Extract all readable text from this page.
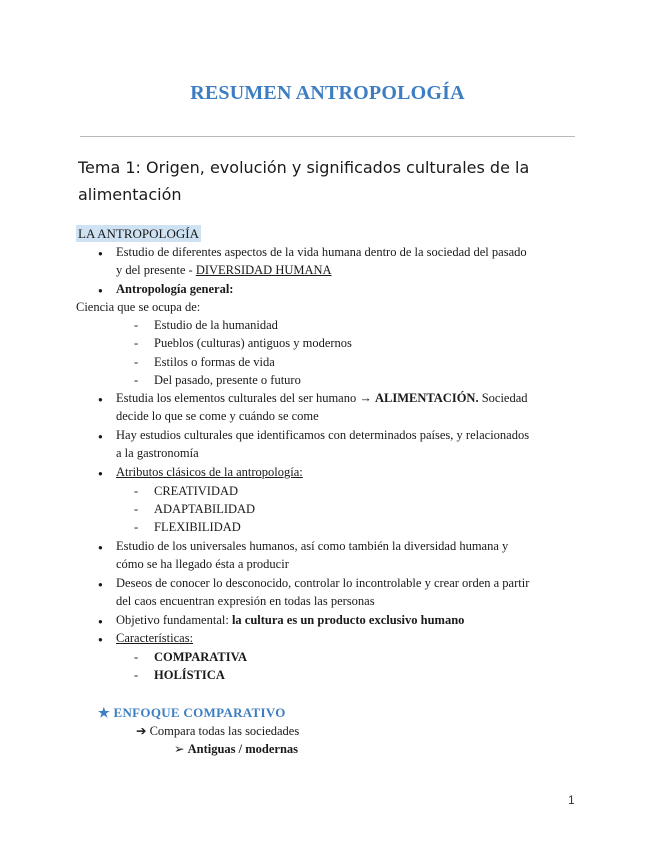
RESUMEN ANTROPOLOGÍA
Tema 1: Origen, evolución y significados culturales de la alimentación
LA ANTROPOLOGÍA
● Estudio de diferentes aspectos de la vida humana dentro de la sociedad del pasado
y del presente - DIVERSIDAD HUMANA
● Antropología general:
Ciencia que se ocupa de:
- Estudio de la humanidad
- Pueblos (culturas) antiguos y modernos
- Estilos o formas de vida
- Del pasado, presente o futuro
● Estudia los elementos culturales del ser humano → ALIMENTACIÓN. Sociedad
decide lo que se come y cuándo se come
● Hay estudios culturales que identificamos con determinados países, y relacionados
a la gastronomía
● Atributos clásicos de la antropología:
- CREATIVIDAD
- ADAPTABILIDAD
- FLEXIBILIDAD
● Estudio de los universales humanos, así como también la diversidad humana y
cómo se ha llegado ésta a producir
● Deseos de conocer lo desconocido, controlar lo incontrolable y crear orden a partir
del caos encuentran expresión en todas las personas
● Objetivo fundamental: la cultura es un producto exclusivo humano
● Características:
- COMPARATIVA
- HOLÍSTICA
★ ENFOQUE COMPARATIVO
➔ Compara todas las sociedades
➢ Antiguas / modernas
1
